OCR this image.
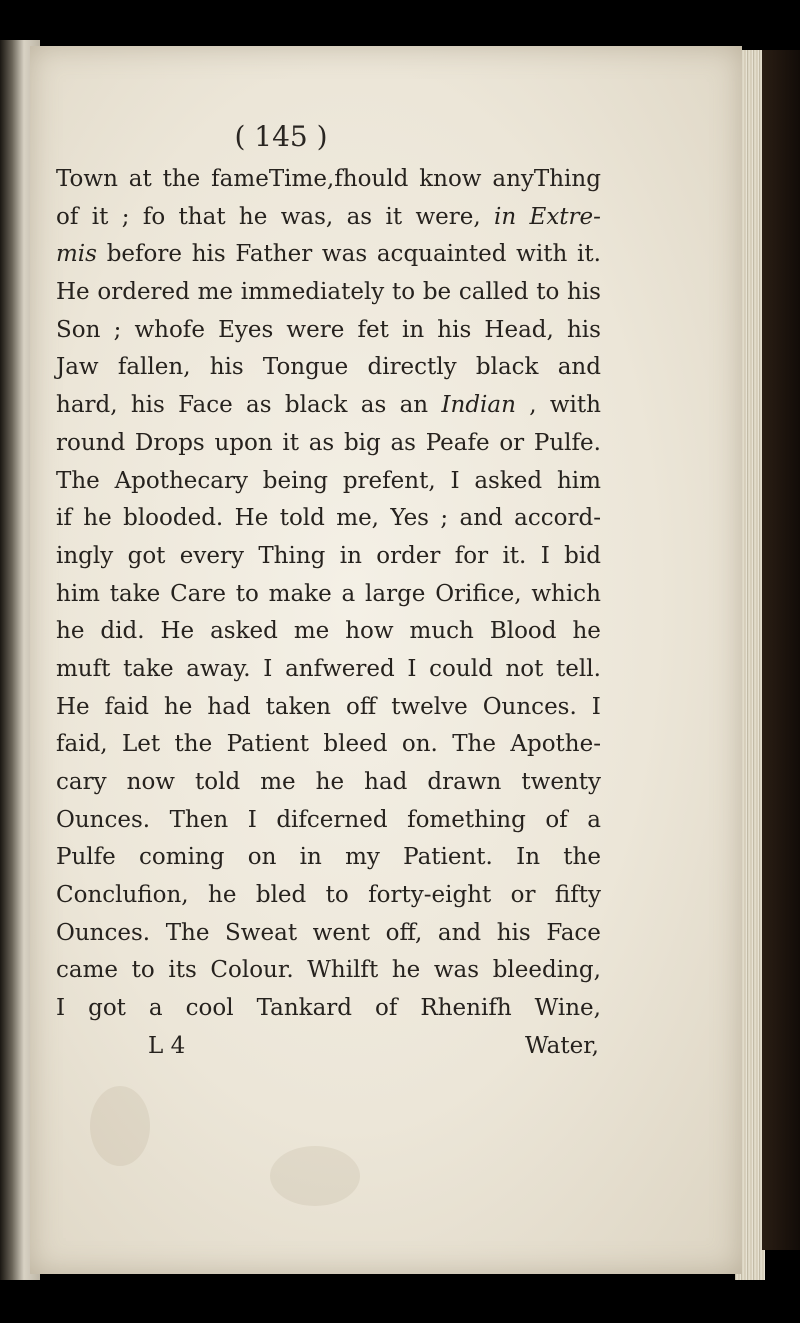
( 145 )

Town at the fameTime,fhould know anyThing
of it ; fo that he was, as it were, in Extre-
mis before his Father was acquainted with it.
He ordered me immediately to be called to his
Son ; whofe Eyes were fet in his Head, his
Jaw fallen, his Tongue directly black and
hard, his Face as black as an Indian , with
round Drops upon it as big as Peafe or Pulfe.
The Apothecary being prefent, I asked him
if he blooded. He told me, Yes ; and accord-
ingly got every Thing in order for it. I bid
him take Care to make a large Orifice, which
he did. He asked me how much Blood he
muft take away. I anfwered I could not tell.
He faid he had taken off twelve Ounces. I
faid, Let the Patient bleed on. The Apothe-
cary now told me he had drawn twenty
Ounces. Then I difcerned fomething of a
Pulfe coming on in my Patient. In the
Conclufion, he bled to forty-eight or fifty
Ounces. The Sweat went off, and his Face
came to its Colour. Whilft he was bleeding,
I got a cool Tankard of Rhenifh Wine,
L 4	Water,
